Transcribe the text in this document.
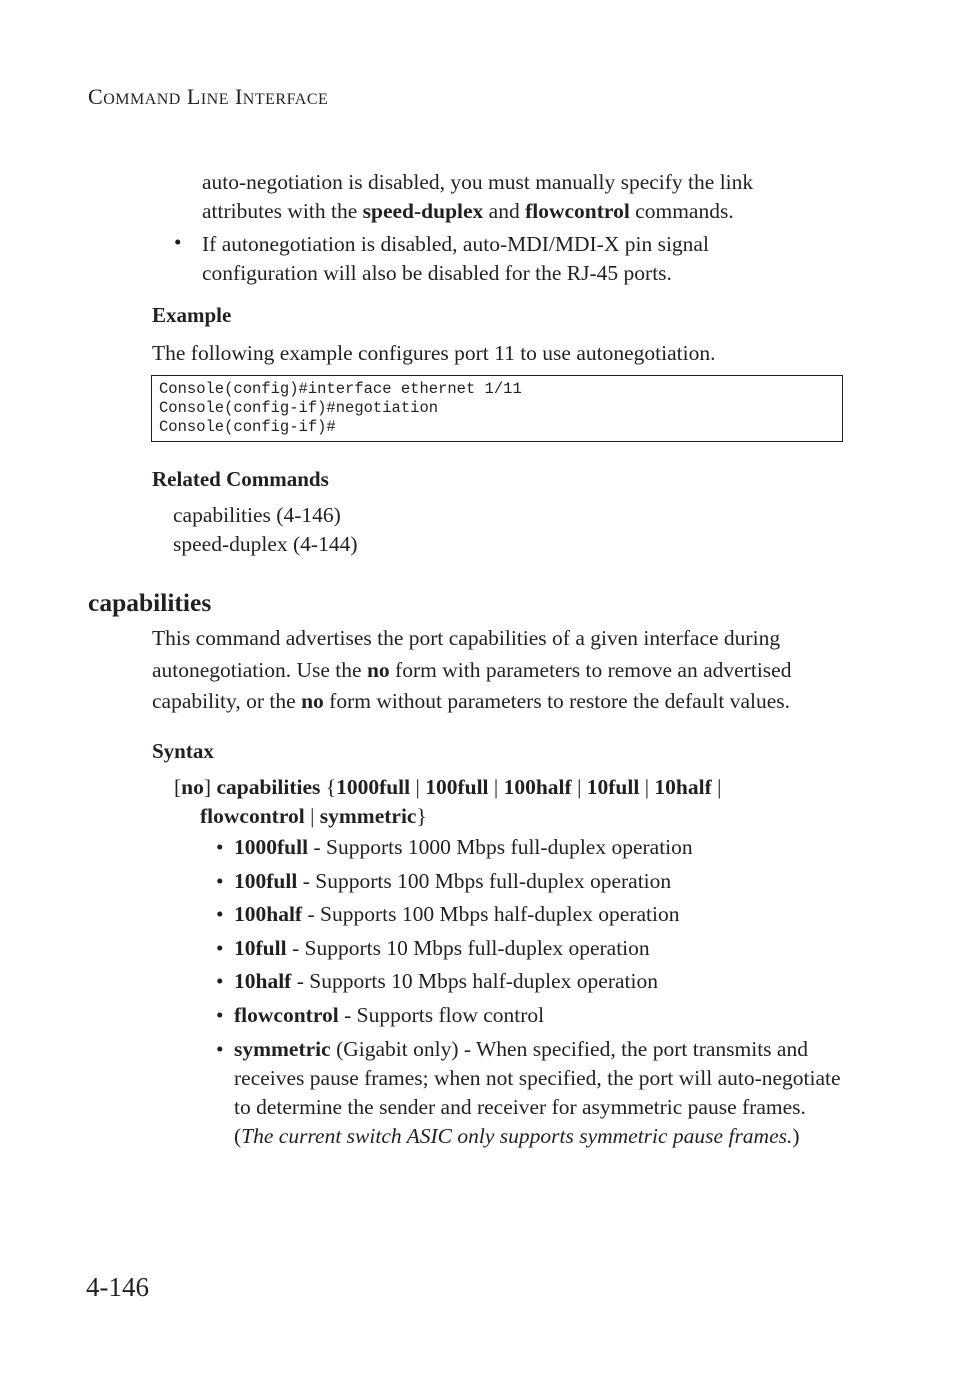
COMMAND LINE INTERFACE
auto-negotiation is disabled, you must manually specify the link attributes with the speed-duplex and flowcontrol commands.
• If autonegotiation is disabled, auto-MDI/MDI-X pin signal configuration will also be disabled for the RJ-45 ports.
Example
The following example configures port 11 to use autonegotiation.
Console(config)#interface ethernet 1/11
Console(config-if)#negotiation
Console(config-if)#
Related Commands
capabilities (4-146)
speed-duplex (4-144)
capabilities
This command advertises the port capabilities of a given interface during autonegotiation. Use the no form with parameters to remove an advertised capability, or the no form without parameters to restore the default values.
Syntax
[no] capabilities {1000full | 100full | 100half | 10full | 10half |
flowcontrol | symmetric}
• 1000full - Supports 1000 Mbps full-duplex operation
• 100full - Supports 100 Mbps full-duplex operation
• 100half - Supports 100 Mbps half-duplex operation
• 10full - Supports 10 Mbps full-duplex operation
• 10half - Supports 10 Mbps half-duplex operation
• flowcontrol - Supports flow control
• symmetric (Gigabit only) - When specified, the port transmits and receives pause frames; when not specified, the port will auto-negotiate to determine the sender and receiver for asymmetric pause frames. (The current switch ASIC only supports symmetric pause frames.)
4-146
